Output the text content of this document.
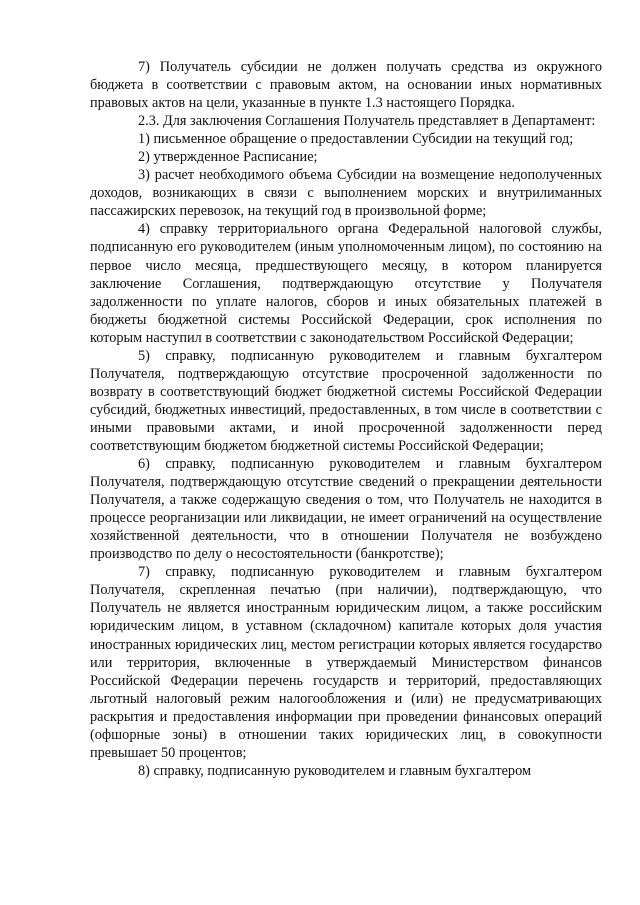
7) Получатель субсидии не должен получать средства из окружного бюджета в соответствии с правовым актом, на основании иных нормативных правовых актов на цели, указанные в пункте 1.3 настоящего Порядка.

2.3. Для заключения Соглашения Получатель представляет в Департамент:

1) письменное обращение о предоставлении Субсидии на текущий год;

2) утвержденное Расписание;

3) расчет необходимого объема Субсидии на возмещение недополученных доходов, возникающих в связи с выполнением морских и внутрилиманных пассажирских перевозок, на текущий год в произвольной форме;

4) справку территориального органа Федеральной налоговой службы, подписанную его руководителем (иным уполномоченным лицом), по состоянию на первое число месяца, предшествующего месяцу, в котором планируется заключение Соглашения, подтверждающую отсутствие у Получателя задолженности по уплате налогов, сборов и иных обязательных платежей в бюджеты бюджетной системы Российской Федерации, срок исполнения по которым наступил в соответствии с законодательством Российской Федерации;

5) справку, подписанную руководителем и главным бухгалтером Получателя, подтверждающую отсутствие просроченной задолженности по возврату в соответствующий бюджет бюджетной системы Российской Федерации субсидий, бюджетных инвестиций, предоставленных, в том числе в соответствии с иными правовыми актами, и иной просроченной задолженности перед соответствующим бюджетом бюджетной системы Российской Федерации;

6) справку, подписанную руководителем и главным бухгалтером Получателя, подтверждающую отсутствие сведений о прекращении деятельности Получателя, а также содержащую сведения о том, что Получатель не находится в процессе реорганизации или ликвидации, не имеет ограничений на осуществление хозяйственной деятельности, что в отношении Получателя не возбуждено производство по делу о несостоятельности (банкротстве);

7) справку, подписанную руководителем и главным бухгалтером Получателя, скрепленная печатью (при наличии), подтверждающую, что Получатель не является иностранным юридическим лицом, а также российским юридическим лицом, в уставном (складочном) капитале которых доля участия иностранных юридических лиц, местом регистрации которых является государство или территория, включенные в утверждаемый Министерством финансов Российской Федерации перечень государств и территорий, предоставляющих льготный налоговый режим налогообложения и (или) не предусматривающих раскрытия и предоставления информации при проведении финансовых операций (офшорные зоны) в отношении таких юридических лиц, в совокупности превышает 50 процентов;

8) справку, подписанную руководителем и главным бухгалтером
